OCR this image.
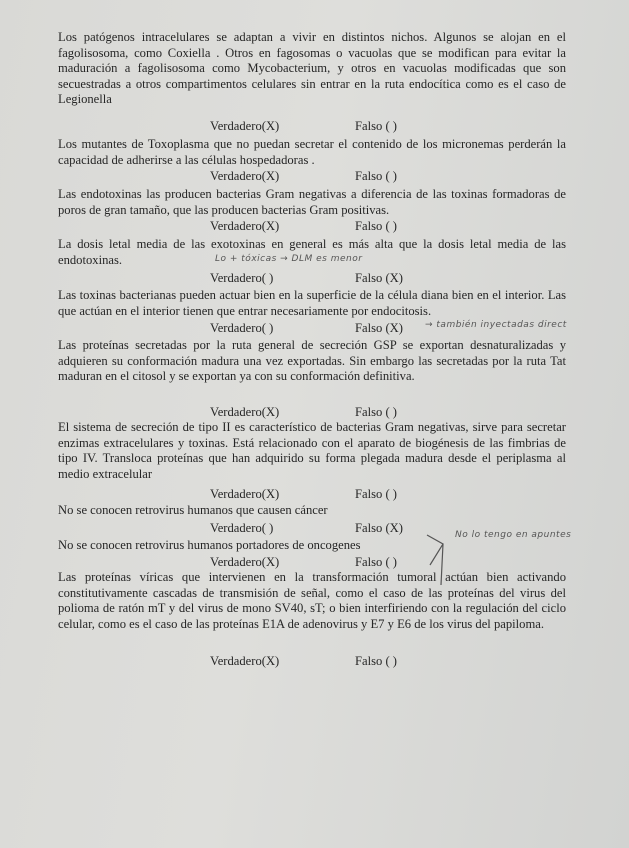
Los patógenos intracelulares se adaptan a vivir en distintos nichos. Algunos se alojan en el fagolisosoma, como Coxiella . Otros en fagosomas o vacuolas que se modifican para evitar la maduración a fagolisosoma como Mycobacterium, y otros en vacuolas modificadas que son secuestradas a otros compartimentos celulares sin entrar en la ruta endocítica como es el caso de Legionella

Verdadero(X)	Falso ( )

Los mutantes de Toxoplasma que no puedan secretar el contenido de los micronemas perderán la capacidad de adherirse a las células hospedadoras .

Verdadero(X)	Falso ( )

Las endotoxinas las producen bacterias Gram negativas a diferencia de las toxinas formadoras de poros de gran tamaño, que las producen bacterias Gram positivas.

Verdadero(X)	Falso ( )

La dosis letal media de las exotoxinas en general es más alta que la dosis letal media de las endotoxinas.

Verdadero( )	Falso (X)

Las toxinas bacterianas pueden actuar bien en la superficie de la célula diana bien en el interior. Las que actúan en el interior tienen que entrar necesariamente por endocitosis.

Verdadero( )	Falso (X)

Las proteínas secretadas por la ruta general de secreción GSP se exportan desnaturalizadas y adquieren su conformación madura una vez exportadas. Sin embargo las secretadas por la ruta Tat maduran en el citosol y se exportan ya con su conformación definitiva.

Verdadero(X)	Falso ( )

El sistema de secreción de tipo II es característico de bacterias Gram negativas, sirve para secretar enzimas extracelulares y toxinas. Está relacionado con el aparato de biogénesis de las fimbrias de tipo IV. Transloca proteínas que han adquirido su forma plegada madura desde el periplasma al medio extracelular

Verdadero(X)	Falso ( )

No se conocen retrovirus humanos que causen cáncer

Verdadero( )	Falso (X)

No se conocen retrovirus humanos portadores de oncogenes

Verdadero(X)	Falso ( )

Las proteínas víricas que intervienen en la transformación tumoral actúan bien activando constitutivamente cascadas de transmisión de señal, como el caso de las proteínas del virus del polioma de ratón mT y del virus de mono SV40, sT; o bien interfiriendo con la regulación del ciclo celular, como es el caso de las proteínas E1A de adenovirus y E7 y E6 de los virus del papiloma.

Verdadero(X)	Falso ( )
Lo + tóxicas → DLM es menor
→ también inyectadas direct
No lo tengo en apuntes
